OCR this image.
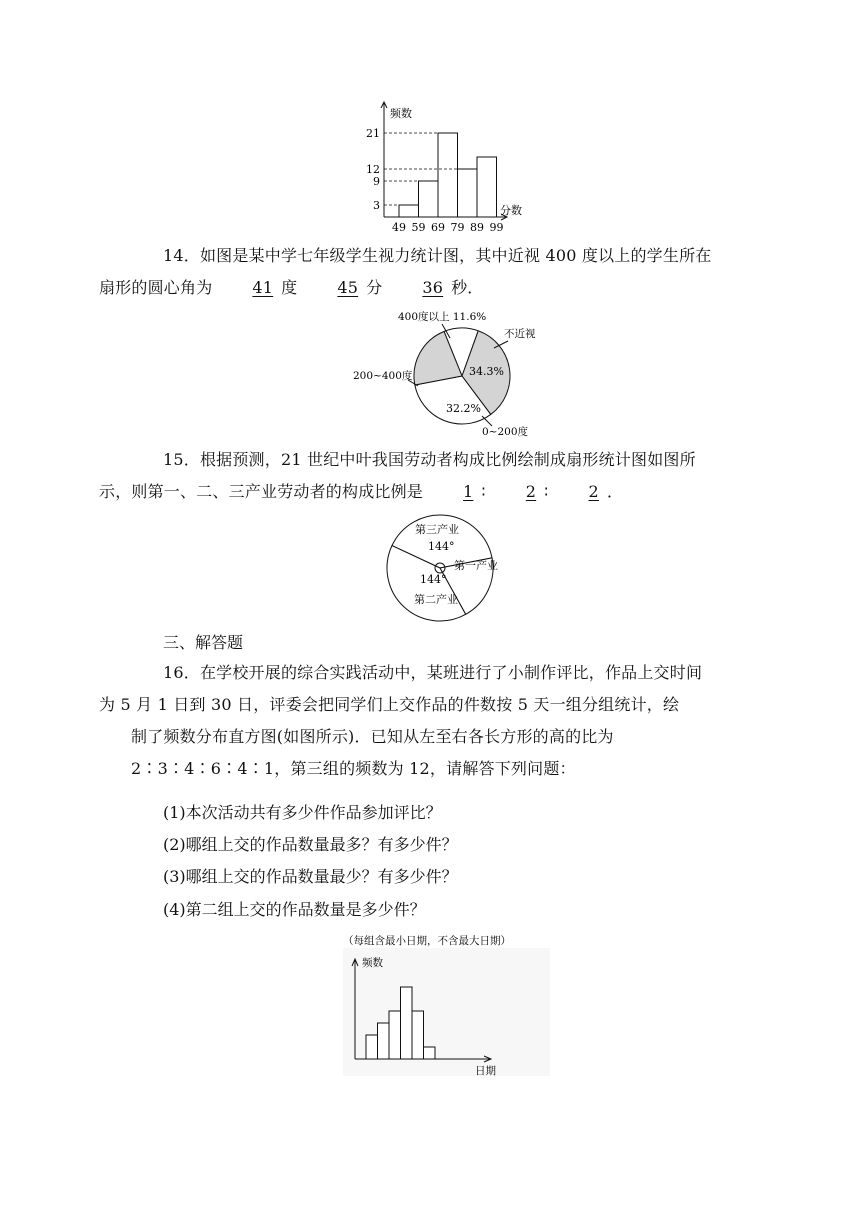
3
9
12
21
49 59 69 79 89 99
频数
分数
14．如图是某中学七年级学生视力统计图，其中近视 400 度以上的学生所在
扇形的圆心角为	41 度	45 分	36 秒．
400度以上 11.6%
不近视
200~400度
0~200度
34.3%
32.2%
15．根据预测，21 世纪中叶我国劳动者构成比例绘制成扇形统计图如图所
示，则第一、二、三产业劳动者的构成比例是	1 ∶	2 ∶	2 ．
第三产业
144°
第一产业
144°
第二产业
三、解答题
16．在学校开展的综合实践活动中，某班进行了小制作评比，作品上交时间
为 5 月 1 日到 30 日，评委会把同学们上交作品的件数按 5 天一组分组统计，绘
制了频数分布直方图(如图所示)．已知从左至右各长方形的高的比为
2∶3∶4∶6∶4∶1，第三组的频数为 12，请解答下列问题：
(1)本次活动共有多少件作品参加评比？
(2)哪组上交的作品数量最多？有多少件？
(3)哪组上交的作品数量最少？有多少件？
(4)第二组上交的作品数量是多少件？
（每组含最小日期，不含最大日期）
频数
日期
